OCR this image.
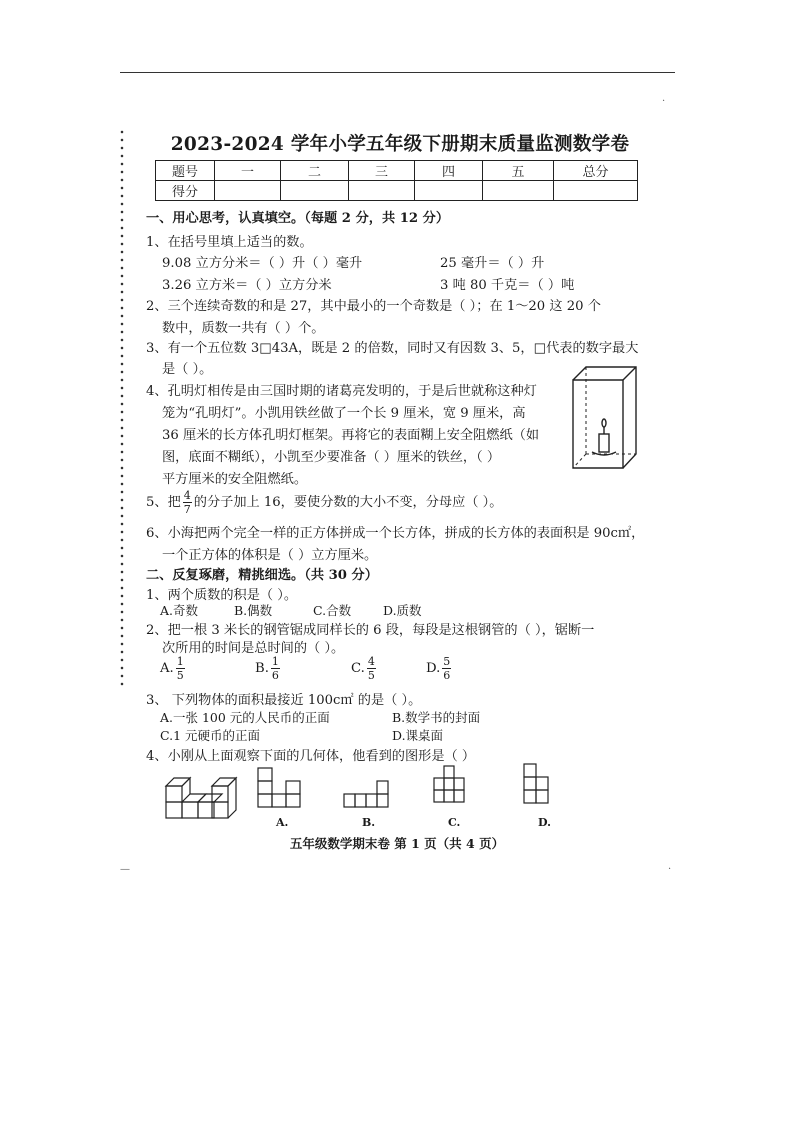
·
2023-2024 学年小学五年级下册期末质量监测数学卷
题号	一	二	三	四	五	总分
得分						
一、用心思考，认真填空。（每题 2 分，共 12 分）
1、在括号里填上适当的数。
9.08 立方分米＝（ ）升（ ）毫升	25 毫升＝（ ）升
3.26 立方米＝（ ）立方分米	3 吨 80 千克＝（ ）吨
2、三个连续奇数的和是 27，其中最小的一个奇数是（ ）；在 1～20 这 20 个
数中，质数一共有（ ）个。
3、有一个五位数 3□43A，既是 2 的倍数，同时又有因数 3、5，□代表的数字最大
是（ ）。
4、孔明灯相传是由三国时期的诸葛亮发明的，于是后世就称这种灯
笼为“孔明灯”。小凯用铁丝做了一个长 9 厘米，宽 9 厘米，高
36 厘米的长方体孔明灯框架。再将它的表面糊上安全阻燃纸（如
图，底面不糊纸），小凯至少要准备（ ）厘米的铁丝，（ ）
平方厘米的安全阻燃纸。
5、把 $\frac{4}{7}$ 的分子加上 16，要使分数的大小不变，分母应（ ）。
6、小海把两个完全一样的正方体拼成一个长方体，拼成的长方体的表面积是 90c㎡，
一个正方体的体积是（ ）立方厘米。
二、反复琢磨，精挑细选。（共 30 分）
1、两个质数的积是（ ）。
A.奇数	B.偶数	C.合数	D.质数
2、把一根 3 米长的钢管锯成同样长的 6 段，每段是这根钢管的（ ），锯断一
次所用的时间是总时间的（ ）。
A. $\frac{1}{5}$	B. $\frac{1}{6}$	C. $\frac{4}{5}$	D. $\frac{5}{6}$
3、 下列物体的面积最接近 100c㎡ 的是（ ）。
A.一张 100 元的人民币的正面	B.数学书的封面
C.1 元硬币的正面	D.课桌面
4、小刚从上面观察下面的几何体，他看到的图形是（ ）
A.	B.	C.	D.
五年级数学期末卷 第 1 页（共 4 页）
—	·
